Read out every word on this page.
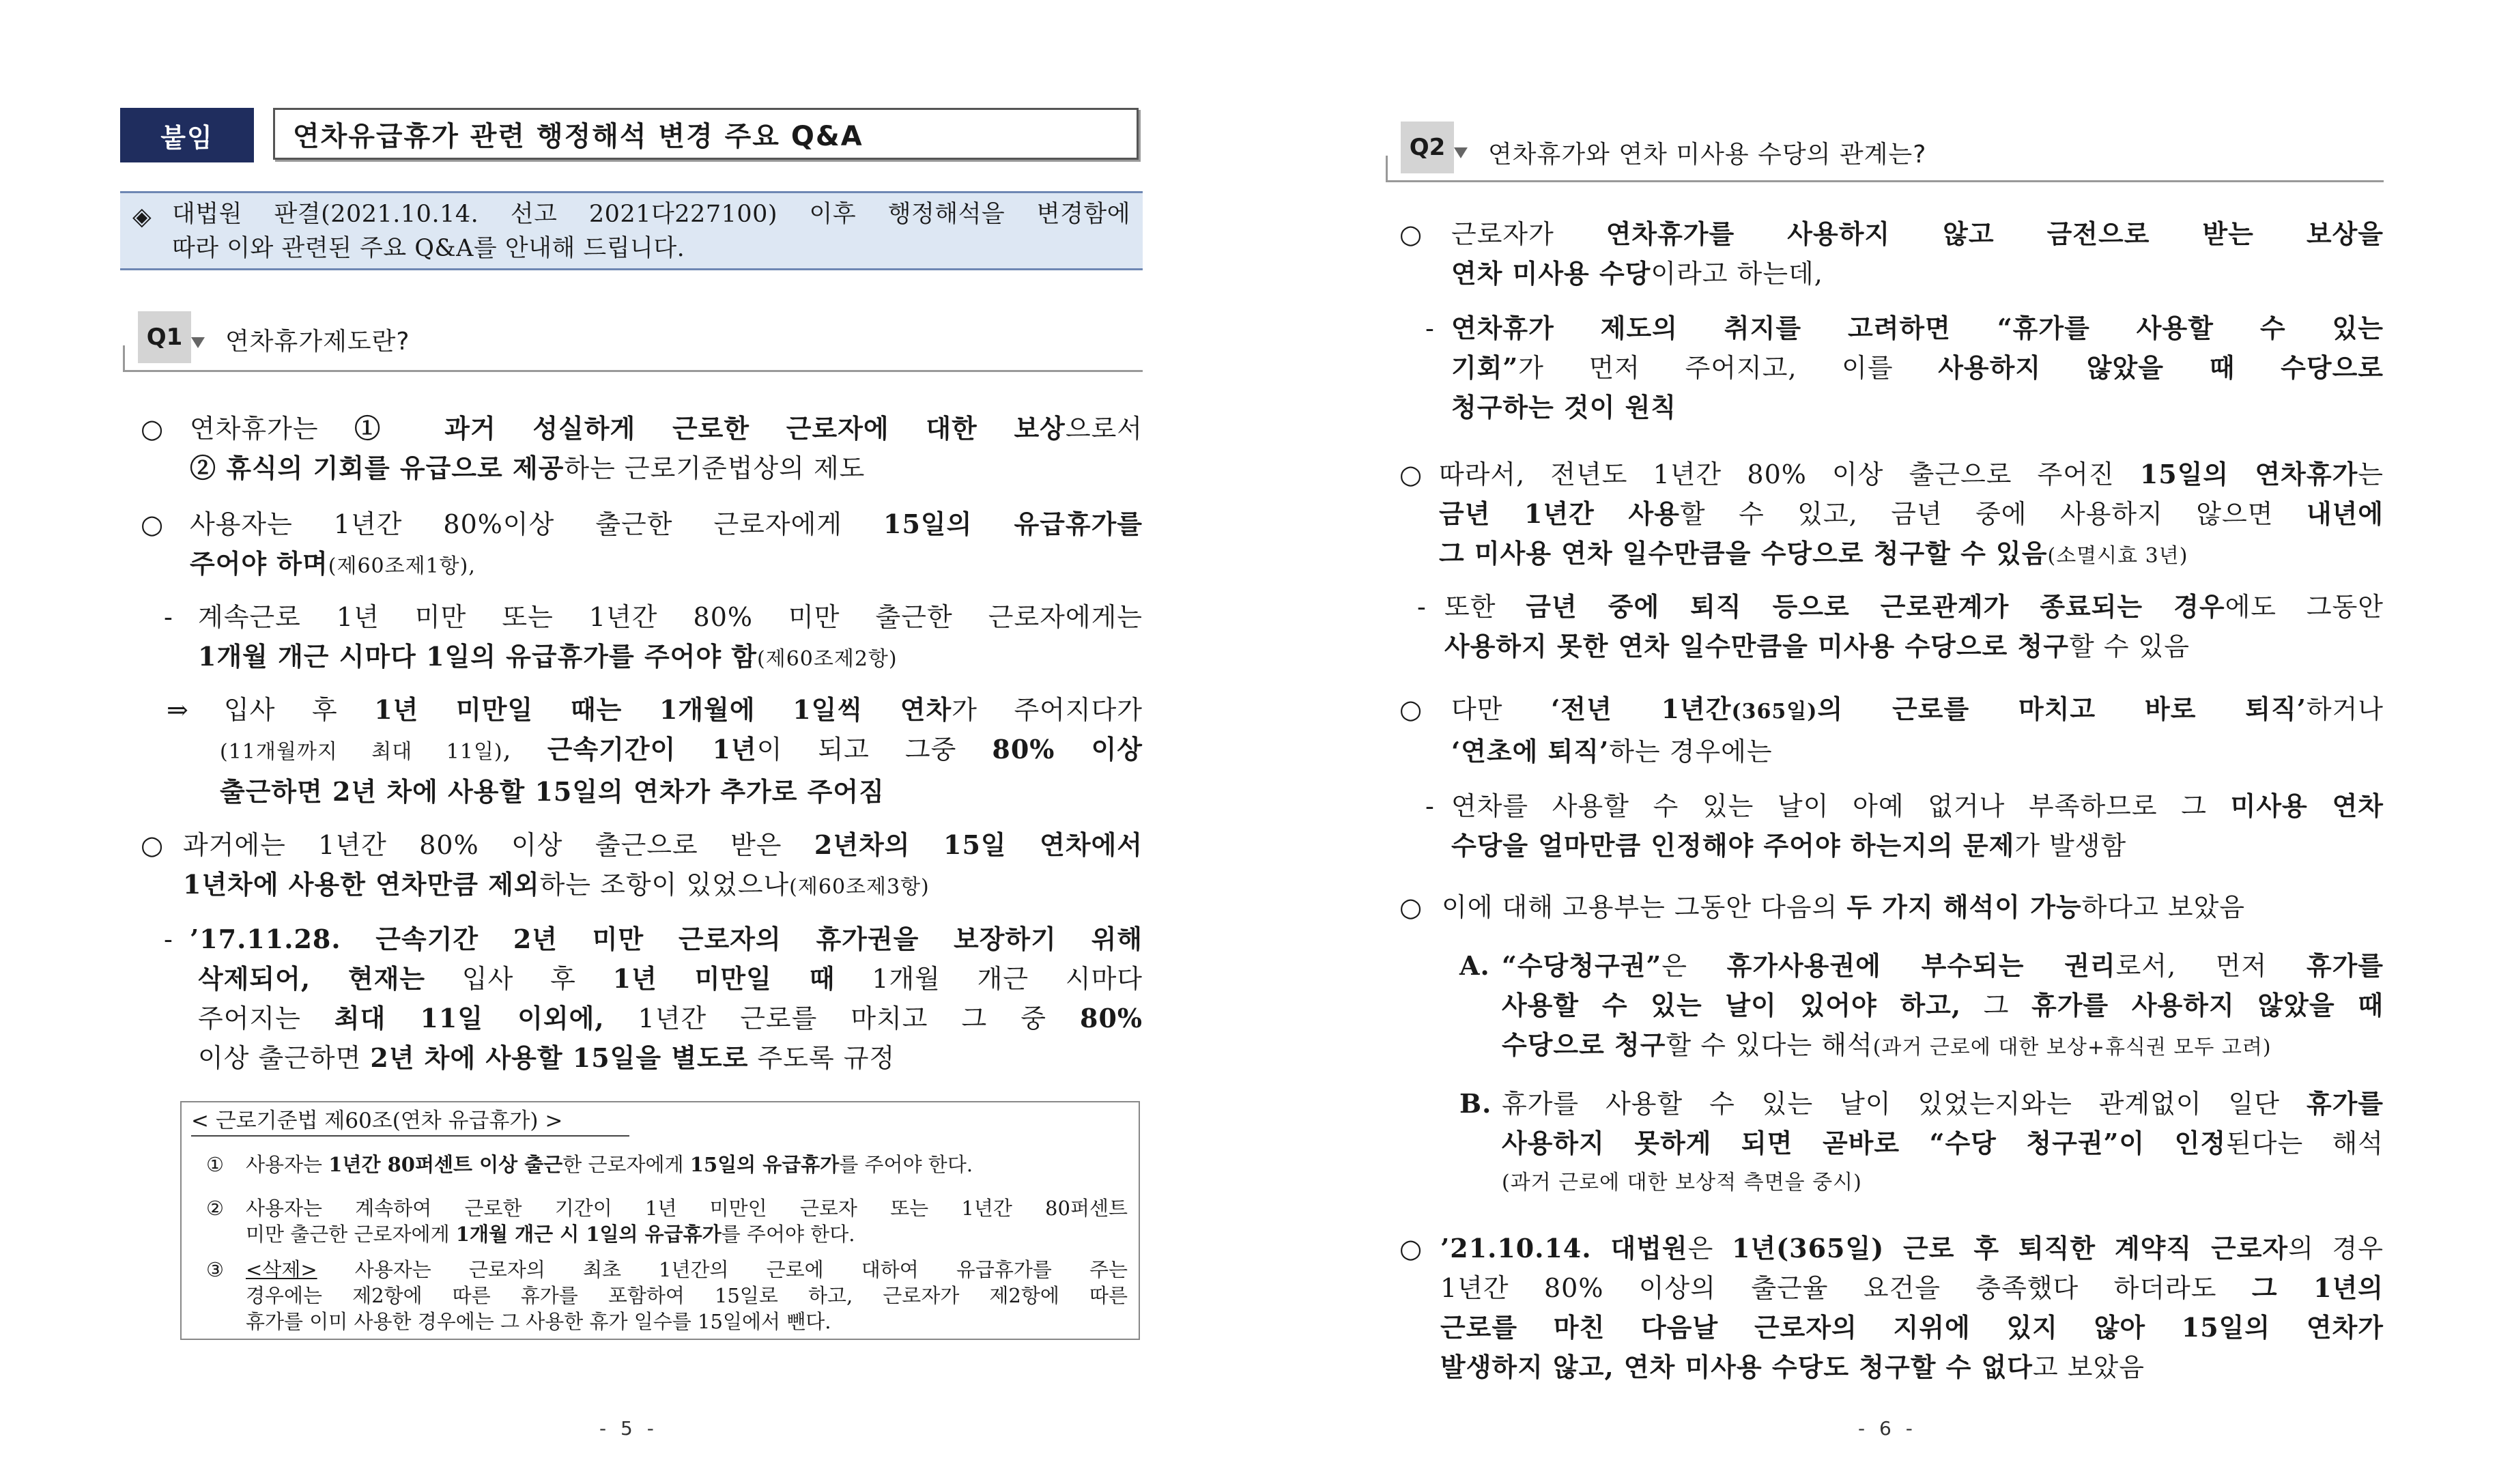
붙임	연차유급휴가 관련 행정해석 변경 주요 Q&A
◈ 대법원 판결(2021.10.14. 선고 2021다227100) 이후 행정해석을 변경함에
따라 이와 관련된 주요 Q&A를 안내해 드립니다.
Q1	연차휴가제도란?
○ 연차휴가는 ① 과거 성실하게 근로한 근로자에 대한 보상으로서
② 휴식의 기회를 유급으로 제공하는 근로기준법상의 제도
○ 사용자는 1년간 80%이상 출근한 근로자에게 15일의 유급휴가를
주어야 하며(제60조제1항),
- 계속근로 1년 미만 또는 1년간 80% 미만 출근한 근로자에게는
1개월 개근 시마다 1일의 유급휴가를 주어야 함(제60조제2항)
⇒	입사 후 1년 미만일 때는 1개월에 1일씩 연차가 주어지다가
(11개월까지 최대 11일), 근속기간이 1년이 되고 그중 80% 이상
출근하면 2년 차에 사용할 15일의 연차가 추가로 주어짐
○ 과거에는 1년간 80% 이상 출근으로 받은 2년차의 15일 연차에서
1년차에 사용한 연차만큼 제외하는 조항이 있었으나(제60조제3항)
- ’17.11.28. 근속기간 2년 미만 근로자의 휴가권을 보장하기 위해
삭제되어, 현재는 입사 후 1년 미만일 때 1개월 개근 시마다
주어지는 최대 11일 이외에, 1년간 근로를 마치고 그 중 80%
이상 출근하면 2년 차에 사용할 15일을 별도로 주도록 규정
< 근로기준법 제60조(연차 유급휴가) >
①	사용자는 1년간 80퍼센트 이상 출근한 근로자에게 15일의 유급휴가를 주어야 한다.
②	사용자는 계속하여 근로한 기간이 1년 미만인 근로자 또는 1년간 80퍼센트
미만 출근한 근로자에게 1개월 개근 시 1일의 유급휴가를 주어야 한다.
③	<삭제> 사용자는 근로자의 최초 1년간의 근로에 대하여 유급휴가를 주는
경우에는 제2항에 따른 휴가를 포함하여 15일로 하고, 근로자가 제2항에 따른
휴가를 이미 사용한 경우에는 그 사용한 휴가 일수를 15일에서 뺀다.
- 5 -
Q2	연차휴가와 연차 미사용 수당의 관계는?
○	근로자가 연차휴가를 사용하지 않고 금전으로 받는 보상을
연차 미사용 수당이라고 하는데,
- 연차휴가 제도의 취지를 고려하면 “휴가를 사용할 수 있는
기회”가 먼저 주어지고, 이를 사용하지 않았을 때 수당으로
청구하는 것이 원칙
○ 따라서, 전년도 1년간 80% 이상 출근으로 주어진 15일의 연차휴가는
금년 1년간 사용할 수 있고, 금년 중에 사용하지 않으면 내년에
그 미사용 연차 일수만큼을 수당으로 청구할 수 있음(소멸시효 3년)
- 또한 금년 중에 퇴직 등으로 근로관계가 종료되는 경우에도 그동안
사용하지 못한 연차 일수만큼을 미사용 수당으로 청구할 수 있음
○	다만 ‘전년 1년간(365일)의 근로를 마치고 바로 퇴직’하거나
‘연초에 퇴직’하는 경우에는
- 연차를 사용할 수 있는 날이 아예 없거나 부족하므로 그 미사용 연차
수당을 얼마만큼 인정해야 주어야 하는지의 문제가 발생함
○ 이에 대해 고용부는 그동안 다음의 두 가지 해석이 가능하다고 보았음
A. “수당청구권”은 휴가사용권에 부수되는 권리로서, 먼저 휴가를
사용할 수 있는 날이 있어야 하고, 그 휴가를 사용하지 않았을 때
수당으로 청구할 수 있다는 해석(과거 근로에 대한 보상+휴식권 모두 고려)
B. 휴가를 사용할 수 있는 날이 있었는지와는 관계없이 일단 휴가를
사용하지 못하게 되면 곧바로 “수당 청구권”이 인정된다는 해석
(과거 근로에 대한 보상적 측면을 중시)
○ ’21.10.14. 대법원은 1년(365일) 근로 후 퇴직한 계약직 근로자의 경우
1년간 80% 이상의 출근율 요건을 충족했다 하더라도 그 1년의
근로를 마친 다음날 근로자의 지위에 있지 않아 15일의 연차가
발생하지 않고, 연차 미사용 수당도 청구할 수 없다고 보았음
- 6 -
